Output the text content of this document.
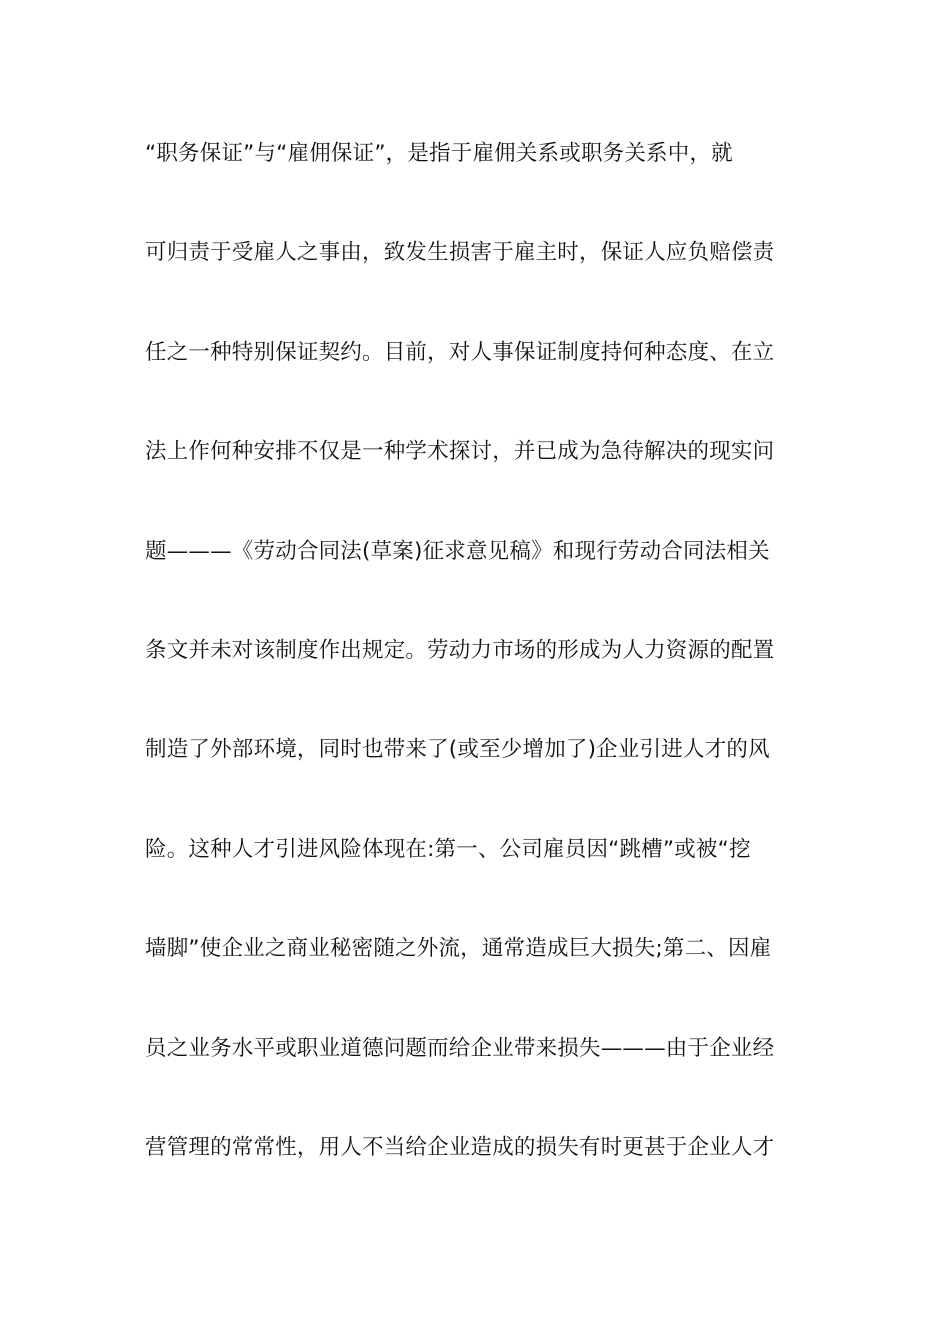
“职务保证”与“雇佣保证”，是指于雇佣关系或职务关系中，就
可归责于受雇人之事由，致发生损害于雇主时，保证人应负赔偿责
任之一种特别保证契约。目前，对人事保证制度持何种态度、在立
法上作何种安排不仅是一种学术探讨，并已成为急待解决的现实问
题———《劳动合同法(草案)征求意见稿》和现行劳动合同法相关
条文并未对该制度作出规定。劳动力市场的形成为人力资源的配置
制造了外部环境，同时也带来了(或至少增加了)企业引进人才的风
险。这种人才引进风险体现在:第一、公司雇员因“跳槽”或被“挖
墙脚”使企业之商业秘密随之外流，通常造成巨大损失;第二、因雇
员之业务水平或职业道德问题而给企业带来损失———由于企业经
营管理的常常性，用人不当给企业造成的损失有时更甚于企业人才
